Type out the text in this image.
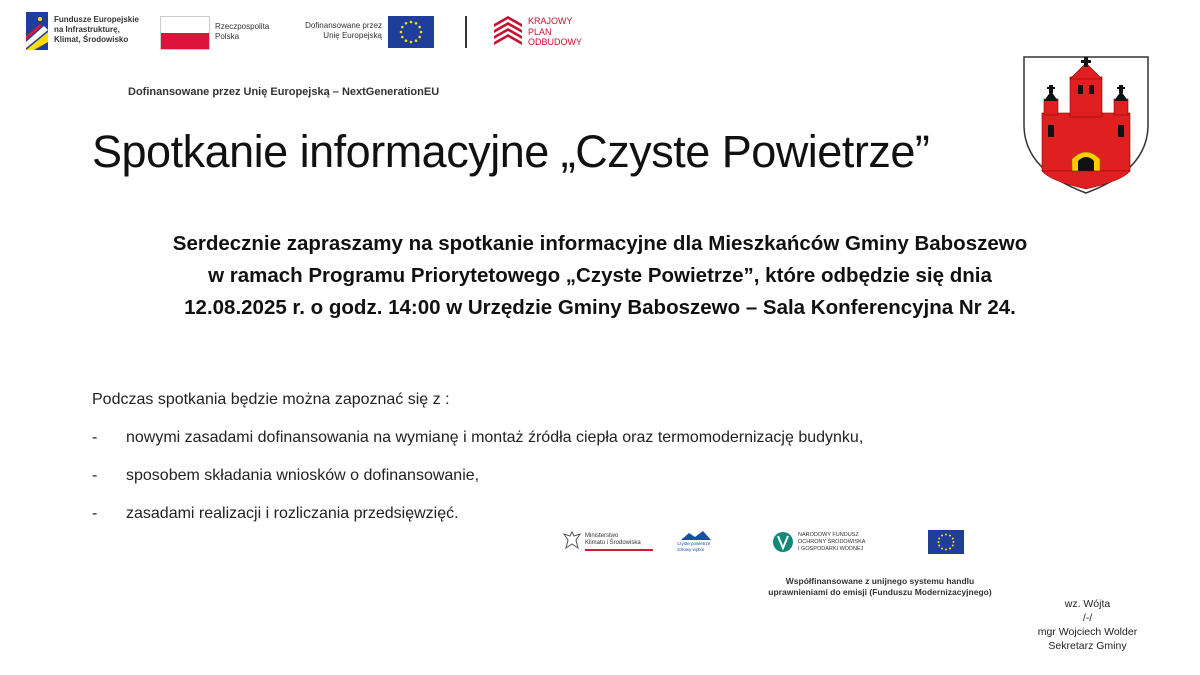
Fundusze Europejskie
na Infrastrukturę,
Klimat, Środowisko
Rzeczpospolita
Polska
Dofinansowane przez
Unię Europejską
KRAJOWY
PLAN
ODBUDOWY
Dofinansowane przez Unię Europejską – NextGenerationEU
Spotkanie informacyjne „Czyste Powietrze”
Serdecznie zapraszamy na spotkanie informacyjne dla Mieszkańców Gminy Baboszewo
w ramach Programu Priorytetowego „Czyste Powietrze”, które odbędzie się dnia
12.08.2025 r. o godz. 14:00 w Urzędzie Gminy Baboszewo – Sala Konferencyjna Nr 24.
Podczas spotkania będzie można zapoznać się z :
- nowymi zasadami dofinansowania na wymianę i montaż źródła ciepła oraz termomodernizację budynku,
- sposobem składania wniosków o dofinansowanie,
- zasadami realizacji i rozliczania przedsięwzięć.
Ministerstwo
Klimatu i Środowiska	czyste powietrze
zdrowy wybór
NARODOWY FUNDUSZ
OCHRONY ŚRODOWISKA
I GOSPODARKI WODNEJ
Współfinansowane z unijnego systemu handlu
uprawnieniami do emisji (Funduszu Modernizacyjnego)
wz. Wójta
/-/
mgr Wojciech Wolder
Sekretarz Gminy
